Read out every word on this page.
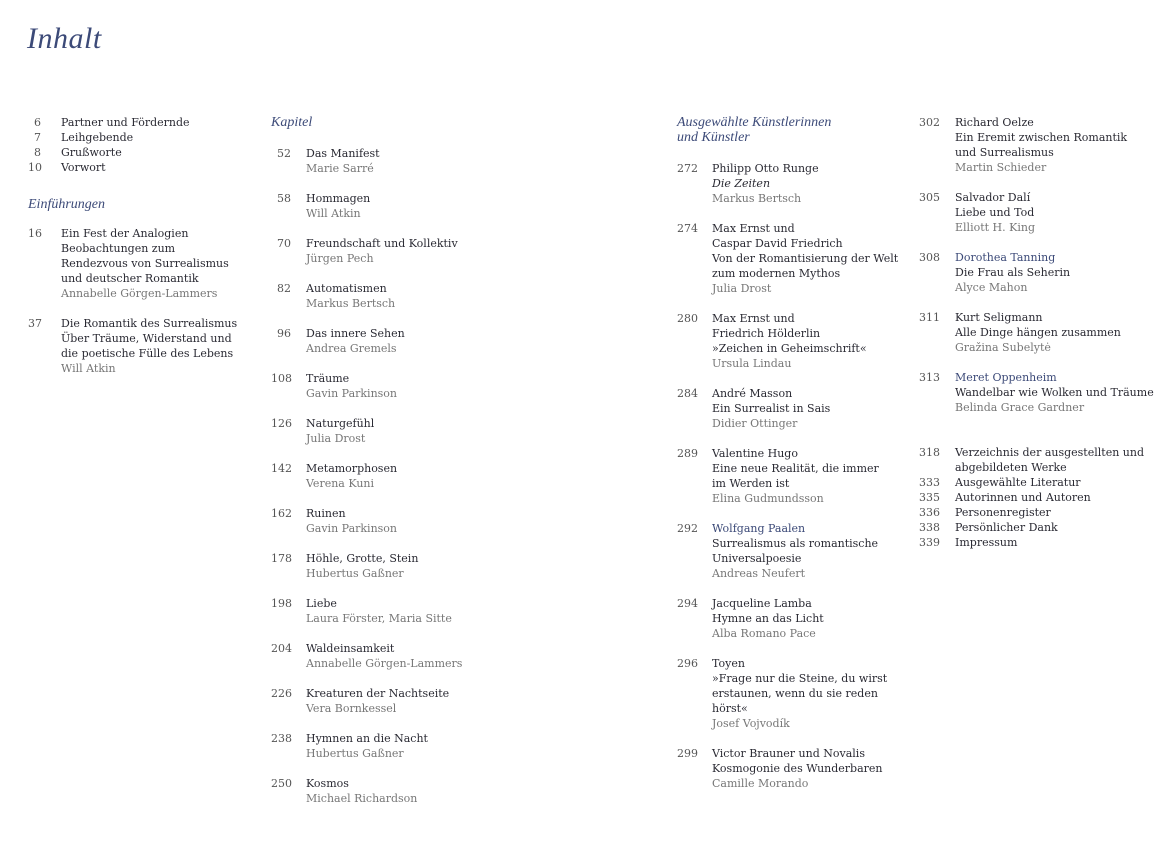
Inhalt
6 Partner und Fördernde
7 Leihgebende
8 Grußworte
10 Vorwort
Einführungen
16 Ein Fest der Analogien
Beobachtungen zum
Rendezvous von Surrealismus
und deutscher Romantik
Annabelle Görgen-Lammers
37 Die Romantik des Surrealismus
Über Träume, Widerstand und
die poetische Fülle des Lebens
Will Atkin
Kapitel
52 Das Manifest
Marie Sarré
58 Hommagen
Will Atkin
70 Freundschaft und Kollektiv
Jürgen Pech
82 Automatismen
Markus Bertsch
96 Das innere Sehen
Andrea Gremels
108 Träume
Gavin Parkinson
126 Naturgefühl
Julia Drost
142 Metamorphosen
Verena Kuni
162 Ruinen
Gavin Parkinson
178 Höhle, Grotte, Stein
Hubertus Gaßner
198 Liebe
Laura Förster, Maria Sitte
204 Waldeinsamkeit
Annabelle Görgen-Lammers
226 Kreaturen der Nachtseite
Vera Bornkessel
238 Hymnen an die Nacht
Hubertus Gaßner
250 Kosmos
Michael Richardson
Ausgewählte Künstlerinnen
und Künstler
272 Philipp Otto Runge
Die Zeiten
Markus Bertsch
274 Max Ernst und
Caspar David Friedrich
Von der Romantisierung der Welt
zum modernen Mythos
Julia Drost
280 Max Ernst und
Friedrich Hölderlin
»Zeichen in Geheimschrift«
Ursula Lindau
284 André Masson
Ein Surrealist in Sais
Didier Ottinger
289 Valentine Hugo
Eine neue Realität, die immer
im Werden ist
Elina Gudmundsson
292 Wolfgang Paalen
Surrealismus als romantische
Universalpoesie
Andreas Neufert
294 Jacqueline Lamba
Hymne an das Licht
Alba Romano Pace
296 Toyen
»Frage nur die Steine, du wirst
erstaunen, wenn du sie reden hörst«
Josef Vojvodík
299 Victor Brauner und Novalis
Kosmogonie des Wunderbaren
Camille Morando
302 Richard Oelze
Ein Eremit zwischen Romantik
und Surrealismus
Martin Schieder
305 Salvador Dalí
Liebe und Tod
Elliott H. King
308 Dorothea Tanning
Die Frau als Seherin
Alyce Mahon
311 Kurt Seligmann
Alle Dinge hängen zusammen
Gražina Subelytė
313 Meret Oppenheim
Wandelbar wie Wolken und Träume
Belinda Grace Gardner
318 Verzeichnis der ausgestellten und
abgebildeten Werke
333 Ausgewählte Literatur
335 Autorinnen und Autoren
336 Personenregister
338 Persönlicher Dank
339 Impressum
